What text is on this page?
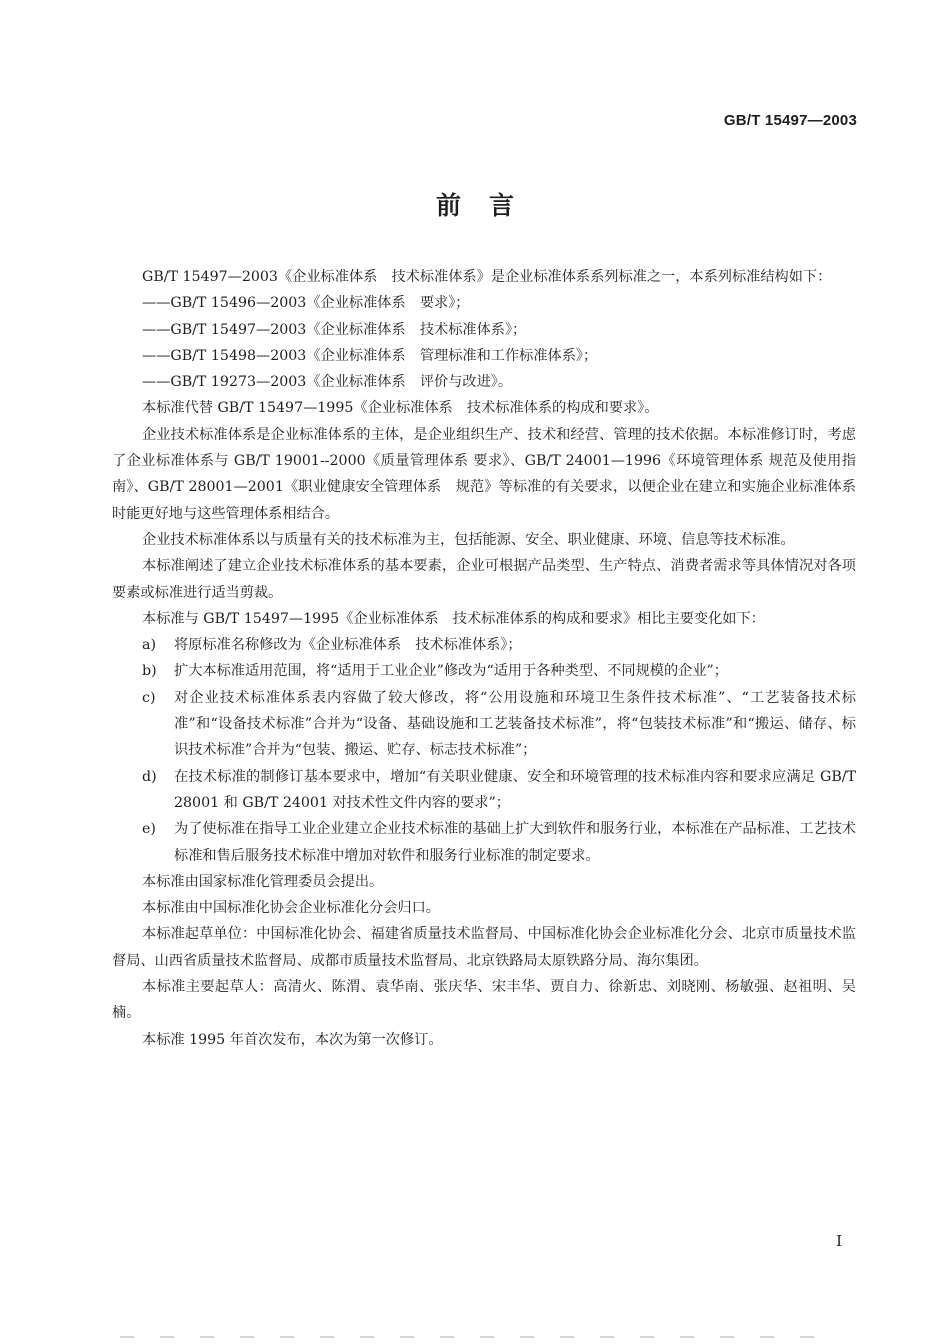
GB/T 15497—2003
前言

GB/T 15497—2003《企业标准体系　技术标准体系》是企业标准体系系列标准之一，本系列标准结构如下：

——GB/T 15496—2003《企业标准体系　要求》；

——GB/T 15497—2003《企业标准体系　技术标准体系》；

——GB/T 15498—2003《企业标准体系　管理标准和工作标准体系》；

——GB/T 19273—2003《企业标准体系　评价与改进》。

本标准代替 GB/T 15497—1995《企业标准体系　技术标准体系的构成和要求》。

企业技术标准体系是企业标准体系的主体，是企业组织生产、技术和经营、管理的技术依据。本标准修订时，考虑了企业标准体系与 GB/T 19001--2000《质量管理体系 要求》、GB/T 24001—1996《环境管理体系 规范及使用指南》、GB/T 28001—2001《职业健康安全管理体系　规范》等标准的有关要求，以便企业在建立和实施企业标准体系时能更好地与这些管理体系相结合。

企业技术标准体系以与质量有关的技术标准为主，包括能源、安全、职业健康、环境、信息等技术标准。

本标准阐述了建立企业技术标准体系的基本要素，企业可根据产品类型、生产特点、消费者需求等具体情况对各项要素或标准进行适当剪裁。

本标准与 GB/T 15497—1995《企业标准体系　技术标准体系的构成和要求》相比主要变化如下：

a)	将原标准名称修改为《企业标准体系　技术标准体系》；
b)	扩大本标准适用范围，将“适用于工业企业”修改为“适用于各种类型、不同规模的企业”；
c)	对企业技术标准体系表内容做了较大修改，将“公用设施和环境卫生条件技术标准”、“工艺装备技术标准”和“设备技术标准”合并为“设备、基础设施和工艺装备技术标准”，将“包装技术标准”和“搬运、储存、标识技术标准”合并为“包装、搬运、贮存、标志技术标准”；
d)	在技术标准的制修订基本要求中，增加“有关职业健康、安全和环境管理的技术标准内容和要求应满足 GB/T 28001 和 GB/T 24001 对技术性文件内容的要求”；
e)	为了使标准在指导工业企业建立企业技术标准的基础上扩大到软件和服务行业，本标准在产品标准、工艺技术标准和售后服务技术标准中增加对软件和服务行业标准的制定要求。

本标准由国家标准化管理委员会提出。

本标准由中国标准化协会企业标准化分会归口。

本标准起草单位：中国标准化协会、福建省质量技术监督局、中国标准化协会企业标准化分会、北京市质量技术监督局、山西省质量技术监督局、成都市质量技术监督局、北京铁路局太原铁路分局、海尔集团。

本标准主要起草人：高清火、陈渭、袁华南、张庆华、宋丰华、贾自力、徐新忠、刘晓刚、杨敏强、赵祖明、吴楠。

本标准 1995 年首次发布，本次为第一次修订。

I
